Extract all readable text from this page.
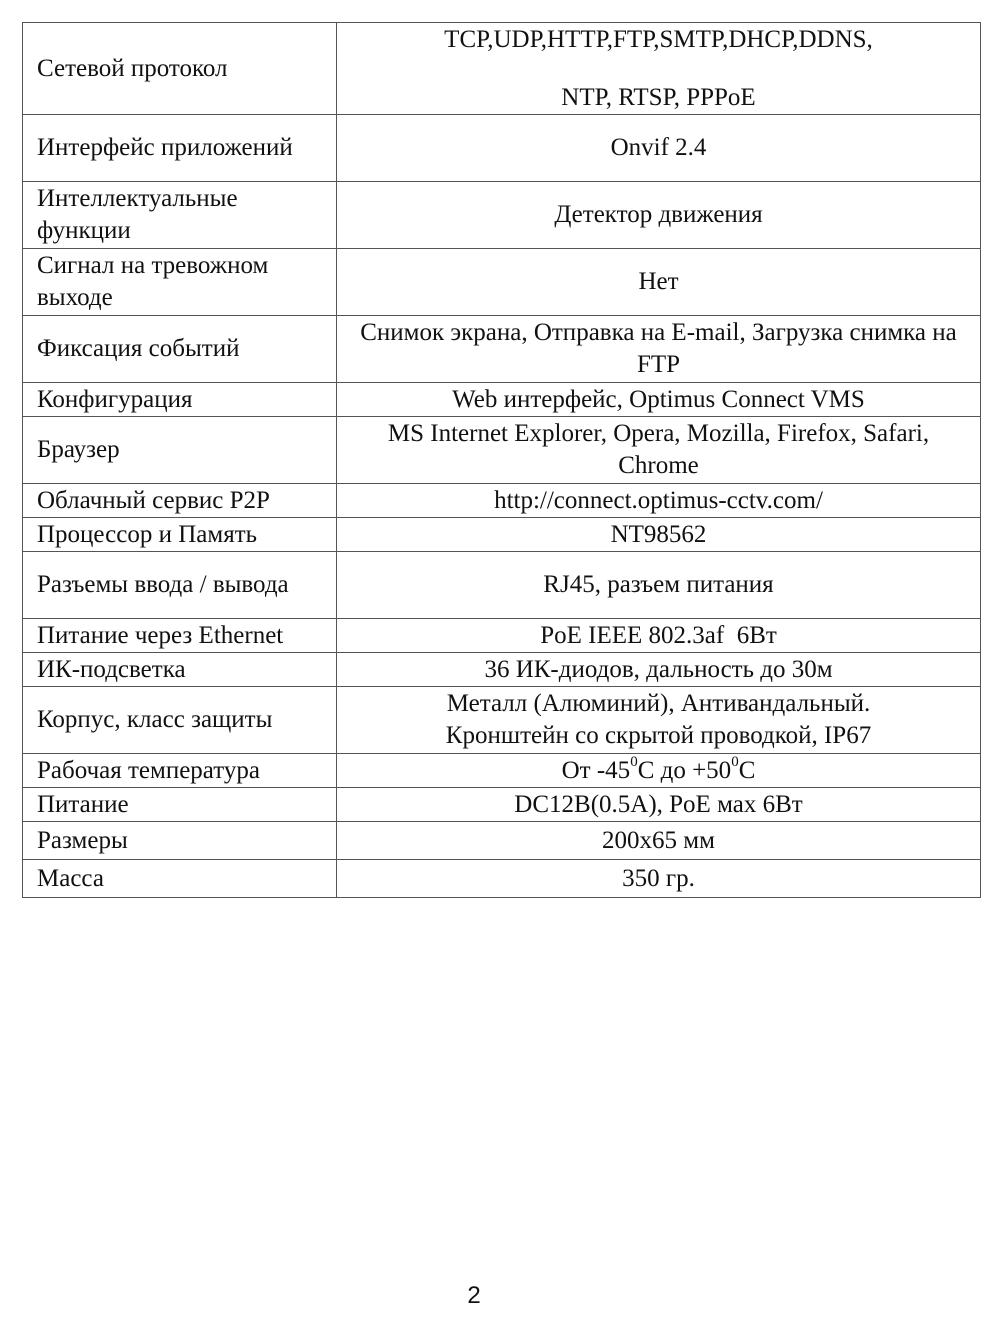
Сетевой протокол	TCP,UDP,HTTP,FTP,SMTP,DHCP,DDNS,
NTP, RTSP, PPPoE

Интерфейс приложений	Onvif 2.4
Интеллектуальные функции	Детектор движения
Сигнал на тревожном выходе	Нет
Фиксация событий	Снимок экрана, Отправка на E-mail, Загрузка снимка на FTP
Конфигурация	Web интерфейс, Optimus Connect VMS
Браузер	MS Internet Explorer, Opera, Mozilla, Firefox, Safari, Chrome
Облачный сервис P2P	http://connect.optimus-cctv.com/
Процессор и Память	NT98562
Разъемы ввода / вывода	RJ45, разъем питания
Питание через Ethernet	PoE IEEE 802.3af  6Вт
ИК-подсветка	36 ИК-диодов, дальность до 30м
Корпус, класс защиты	Металл (Алюминий), Антивандальный.
Кронштейн со скрытой проводкой, IP67

Рабочая температура	От $-45^0C$ до $+50^0C$
Питание	DC12В(0.5А), PoE мах 6Вт
Размеры	200x65 мм
Масса	350 гр.
2
